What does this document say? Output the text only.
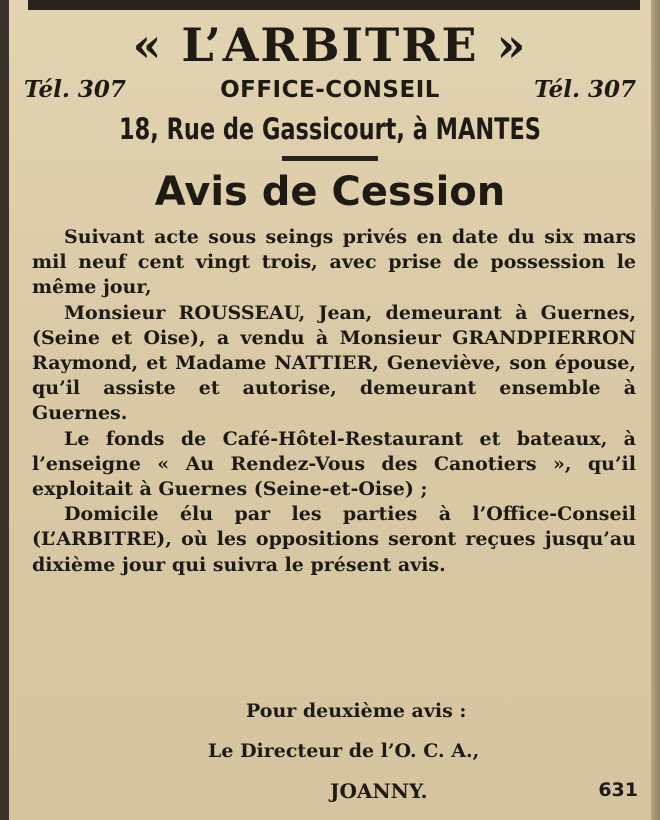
« L’ARBITRE »
Tél. 307	OFFICE-CONSEIL	Tél. 307
18, Rue de Gassicourt, à MANTES
Avis de Cession

Suivant acte sous seings privés en date du six mars mil neuf cent vingt trois, avec prise de possession le même jour,

Monsieur ROUSSEAU, Jean, demeurant à Guernes, (Seine et Oise), a vendu à Monsieur GRANDPIERRON Raymond, et Madame NATTIER, Geneviève, son épouse, qu’il assiste et autorise, demeurant ensemble à Guernes.

Le fonds de Café-Hôtel-Restaurant et bateaux, à l’enseigne « Au Rendez-Vous des Canotiers », qu’il exploitait à Guernes (Seine-et-Oise) ;

Domicile élu par les parties à l’Office-Conseil (L’ARBITRE), où les oppositions seront reçues jusqu’au dixième jour qui suivra le présent avis.

Pour deuxième avis :
Le Directeur de l’O. C. A.,
JOANNY.	631
